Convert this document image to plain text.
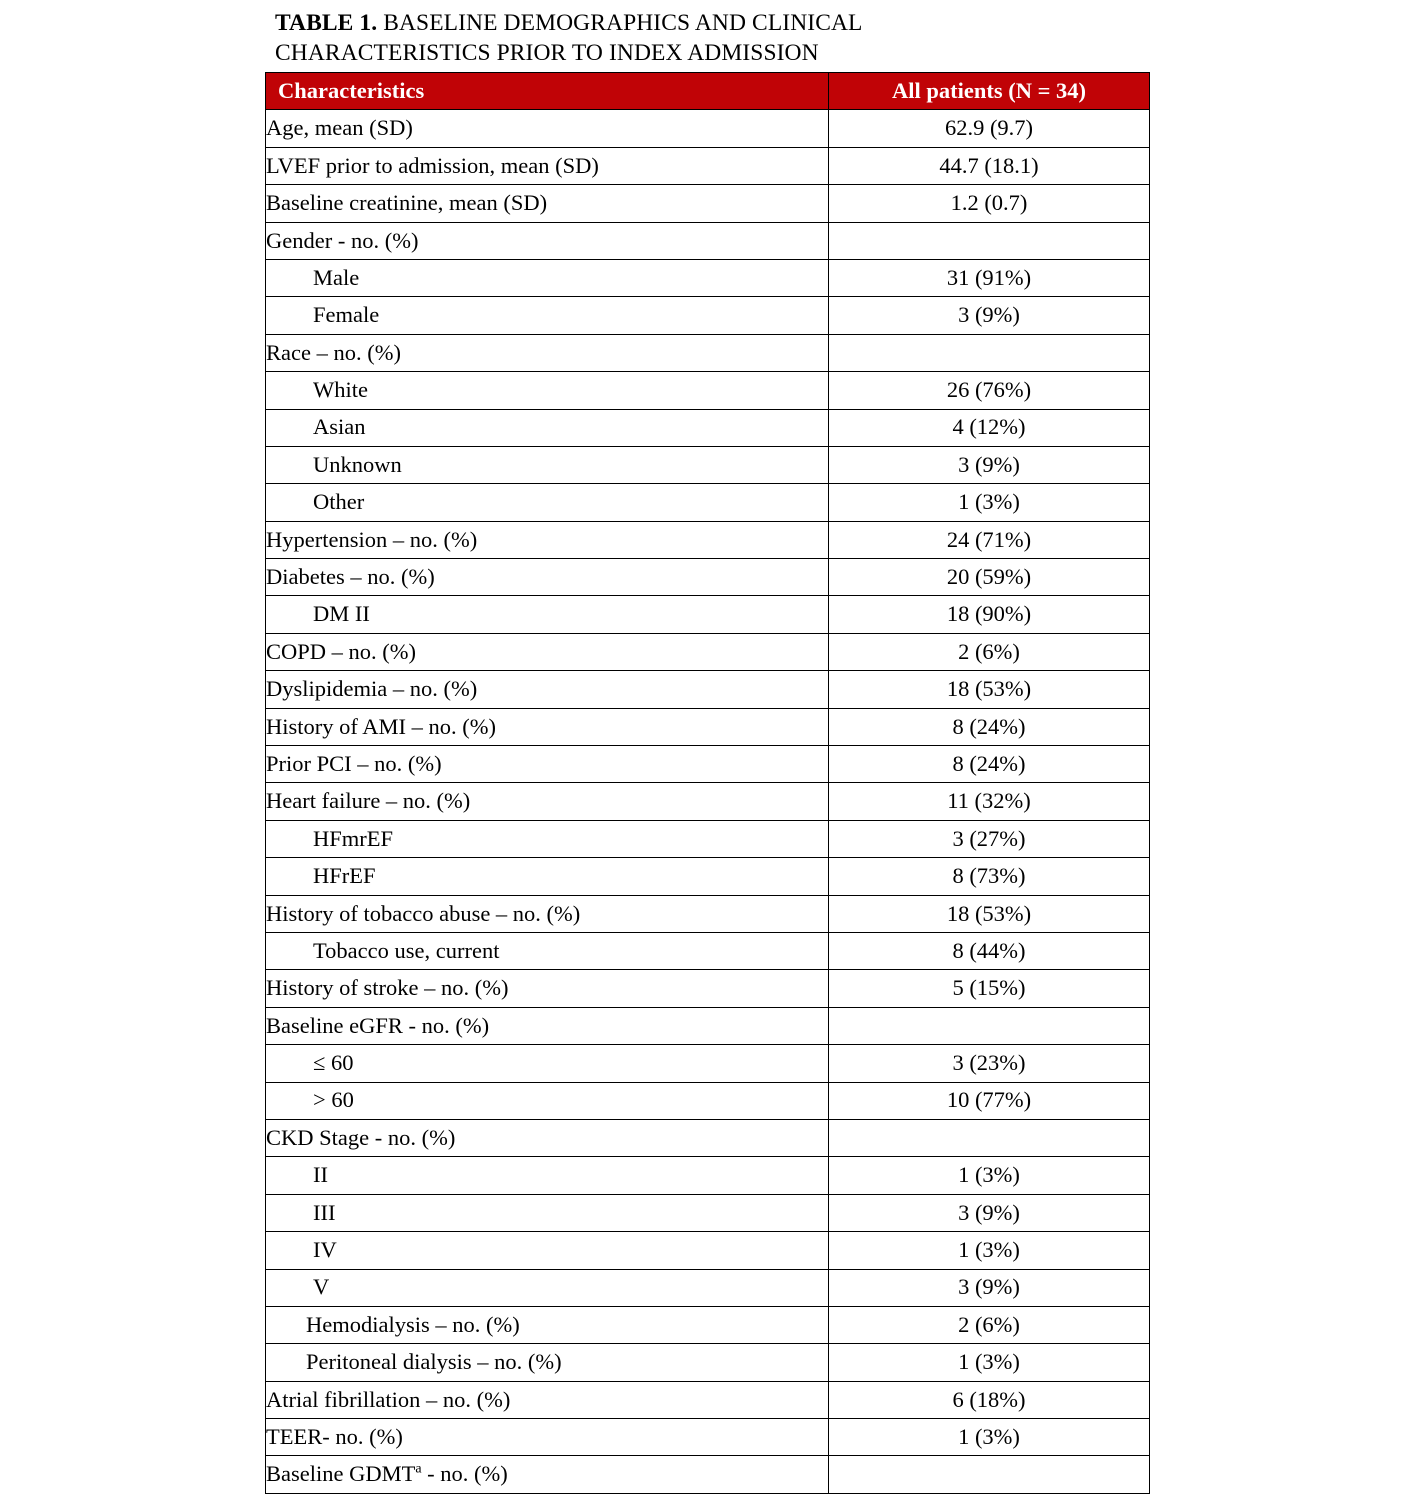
TABLE 1. BASELINE DEMOGRAPHICS AND CLINICAL CHARACTERISTICS PRIOR TO INDEX ADMISSION
Characteristics	All patients (N = 34)
Age, mean (SD)	62.9 (9.7)
LVEF prior to admission, mean (SD)	44.7 (18.1)
Baseline creatinine, mean (SD)	1.2 (0.7)
Gender - no. (%)	
Male	31 (91%)
Female	3 (9%)
Race – no. (%)	
White	26 (76%)
Asian	4 (12%)
Unknown	3 (9%)
Other	1 (3%)
Hypertension – no. (%)	24 (71%)
Diabetes – no. (%)	20 (59%)
DM II	18 (90%)
COPD – no. (%)	2 (6%)
Dyslipidemia – no. (%)	18 (53%)
History of AMI – no. (%)	8 (24%)
Prior PCI – no. (%)	8 (24%)
Heart failure – no. (%)	11 (32%)
HFmrEF	3 (27%)
HFrEF	8 (73%)
History of tobacco abuse – no. (%)	18 (53%)
Tobacco use, current	8 (44%)
History of stroke – no. (%)	5 (15%)
Baseline eGFR - no. (%)	
≤ 60	3 (23%)
> 60	10 (77%)
CKD Stage - no. (%)	
II	1 (3%)
III	3 (9%)
IV	1 (3%)
V	3 (9%)
Hemodialysis – no. (%)	2 (6%)
Peritoneal dialysis – no. (%)	1 (3%)
Atrial fibrillation – no. (%)	6 (18%)
TEER- no. (%)	1 (3%)
Baseline GDMT$^a$ - no. (%)	
